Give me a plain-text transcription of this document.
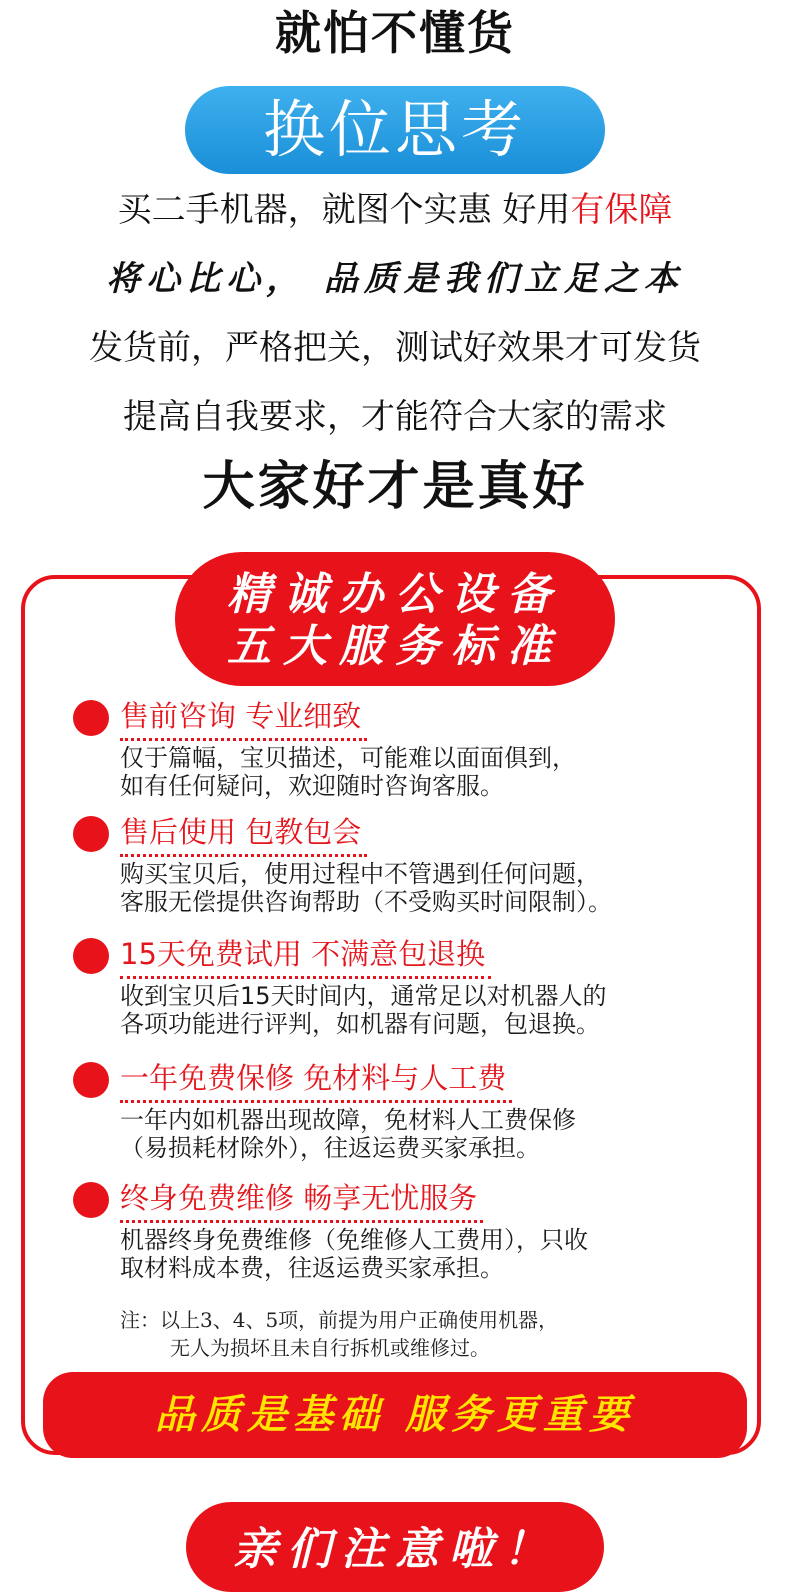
就怕不懂货
换位思考
买二手机器，就图个实惠 好用有保障
将心比心， 品质是我们立足之本
发货前，严格把关，测试好效果才可发货
提高自我要求，才能符合大家的需求
大家好才是真好
精诚办公设备
五大服务标准
售前咨询 专业细致
仅于篇幅，宝贝描述，可能难以面面俱到，
如有任何疑问，欢迎随时咨询客服。
售后使用 包教包会
购买宝贝后，使用过程中不管遇到任何问题，
客服无偿提供咨询帮助（不受购买时间限制）。
15天免费试用 不满意包退换
收到宝贝后15天时间内，通常足以对机器人的
各项功能进行评判，如机器有问题，包退换。
一年免费保修 免材料与人工费
一年内如机器出现故障，免材料人工费保修
（易损耗材除外），往返运费买家承担。
终身免费维修 畅享无忧服务
机器终身免费维修（免维修人工费用），只收
取材料成本费，往返运费买家承担。
注：以上3、4、5项，前提为用户正确使用机器，
无人为损坏且未自行拆机或维修过。
品质是基础 服务更重要
亲们注意啦！
